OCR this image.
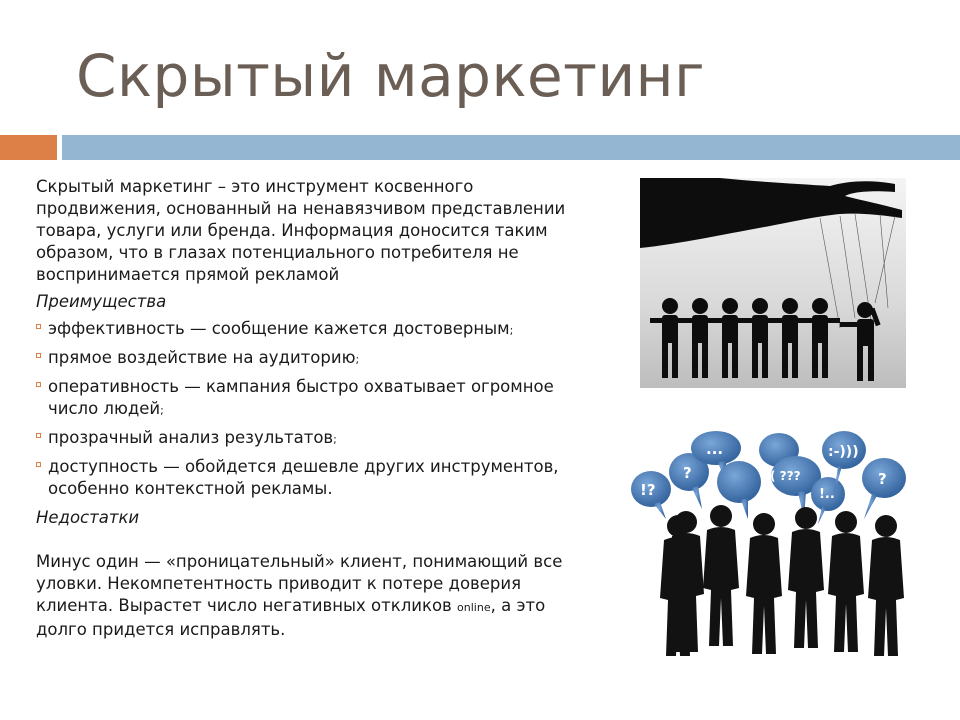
Скрытый маркетинг

Скрытый маркетинг – это инструмент косвенного продвижения, основанный на ненавязчивом представлении товара, услуги или бренда. Информация доносится таким образом, что в глазах потенциального потребителя не воспринимается прямой рекламой

Преимущества

эффективность — сообщение кажется достоверным;
прямое воздействие на аудиторию;
оперативность — кампания быстро охватывает огромное число людей;
прозрачный анализ результатов;
доступность — обойдется дешевле других инструментов, особенно контекстной рекламы.

Недостатки

Минус один — «проницательный» клиент, понимающий все уловки. Некомпетентность приводит к потере доверия клиента. Вырастет число негативных откликов online, а это долго придется исправлять.

!?
?
...
( ???
!..
:-)))
?
